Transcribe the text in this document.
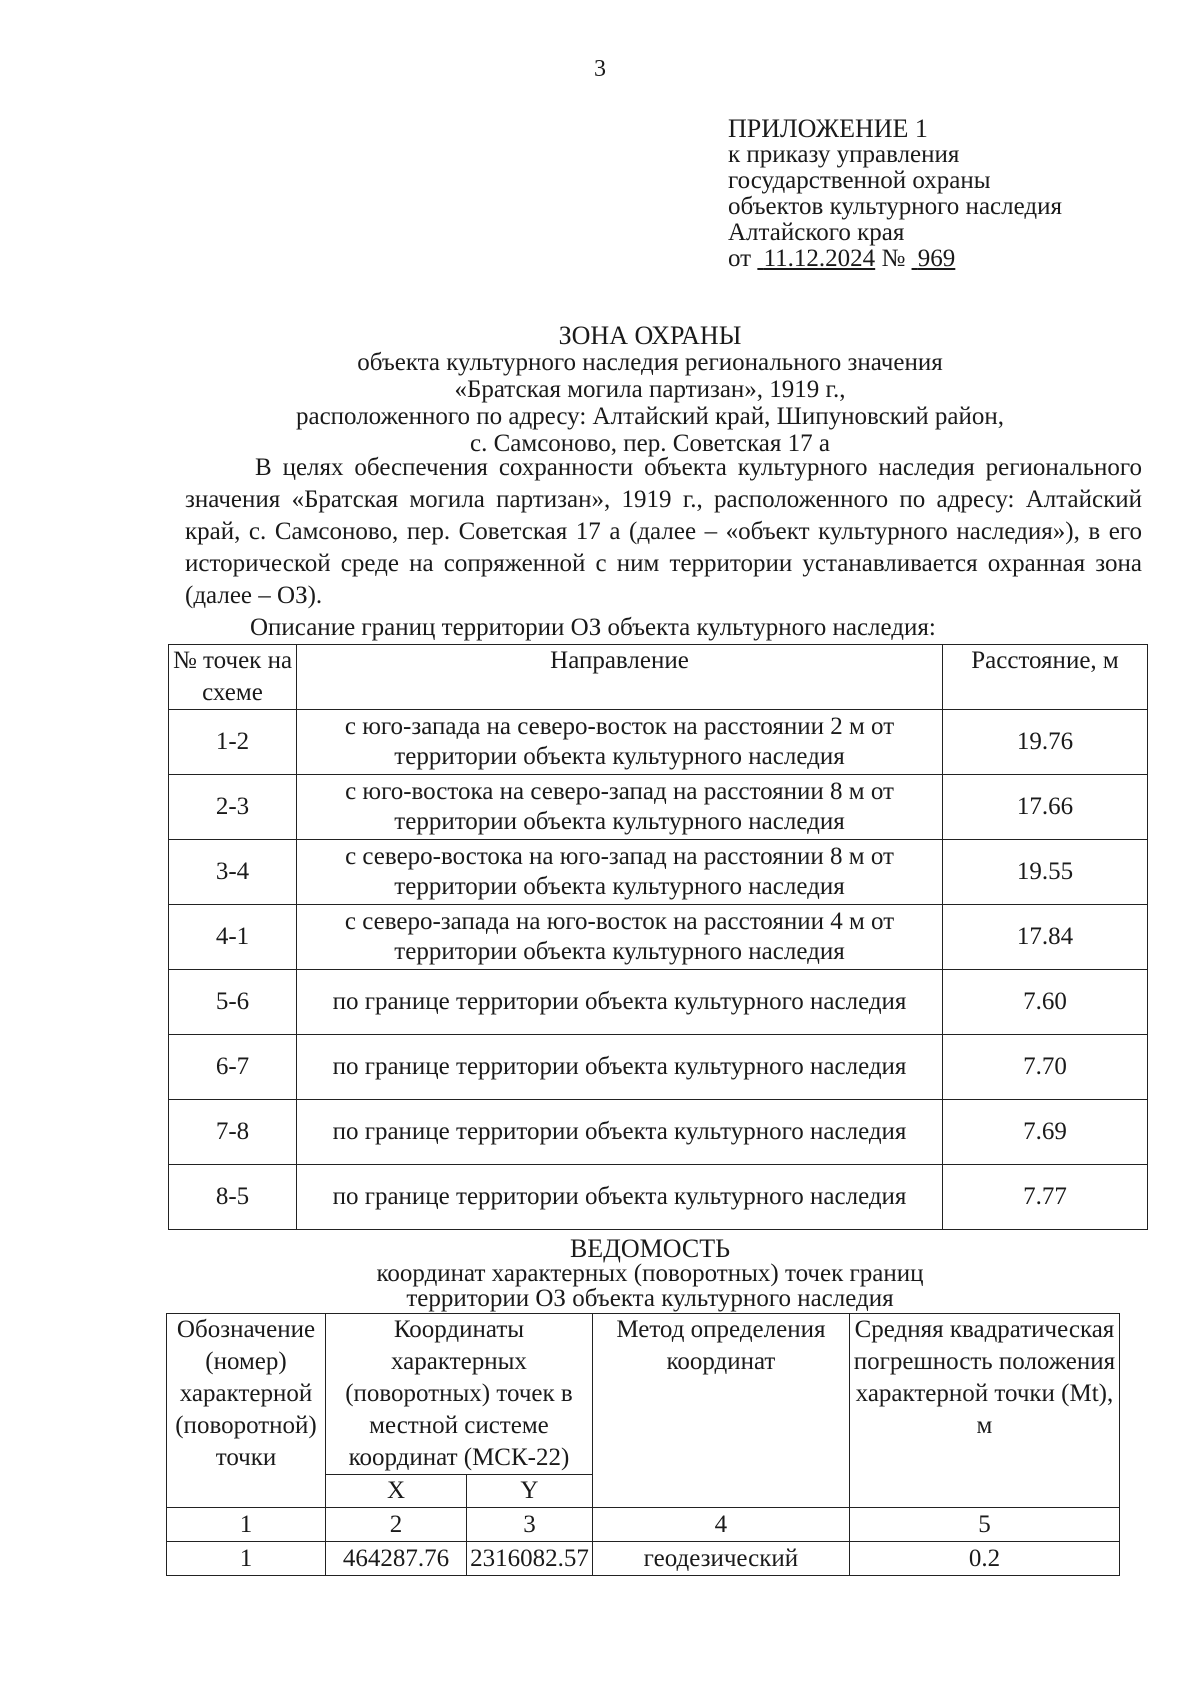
3
ПРИЛОЖЕНИЕ 1
к приказу управления
государственной охраны
объектов культурного наследия
Алтайского края
от 11.12.2024 № 969
ЗОНА ОХРАНЫ
объекта культурного наследия регионального значения
«Братская могила партизан», 1919 г.,
расположенного по адресу: Алтайский край, Шипуновский район,
с. Самсоново, пер. Советская 17 а
В целях обеспечения сохранности объекта культурного наследия регионального значения «Братская могила партизан», 1919 г., расположенного по адресу: Алтайский край, с. Самсоново, пер. Советская 17 а (далее – «объект культурного наследия»), в его исторической среде на сопряженной с ним территории устанавливается охранная зона (далее – ОЗ).
Описание границ территории ОЗ объекта культурного наследия:
№ точек на схеме	Направление	Расстояние, м
1-2	с юго-запада на северо-восток на расстоянии 2 м от территории объекта культурного наследия	19.76
2-3	с юго-востока на северо-запад на расстоянии 8 м от территории объекта культурного наследия	17.66
3-4	с северо-востока на юго-запад на расстоянии 8 м от территории объекта культурного наследия	19.55
4-1	с северо-запада на юго-восток на расстоянии 4 м от территории объекта культурного наследия	17.84
5-6	по границе территории объекта культурного наследия	7.60
6-7	по границе территории объекта культурного наследия	7.70
7-8	по границе территории объекта культурного наследия	7.69
8-5	по границе территории объекта культурного наследия	7.77
ВЕДОМОСТЬ
координат характерных (поворотных) точек границ
территории ОЗ объекта культурного наследия
Обозначение (номер) характерной (поворотной) точки	Координаты характерных (поворотных) точек в местной системе координат (МСК-22)		Метод определения координат	Средняя квадратическая погрешность положения характерной точки (Mt), м
	X	Y		
1	2	3	4	5
1	464287.76	2316082.57	геодезический	0.2
